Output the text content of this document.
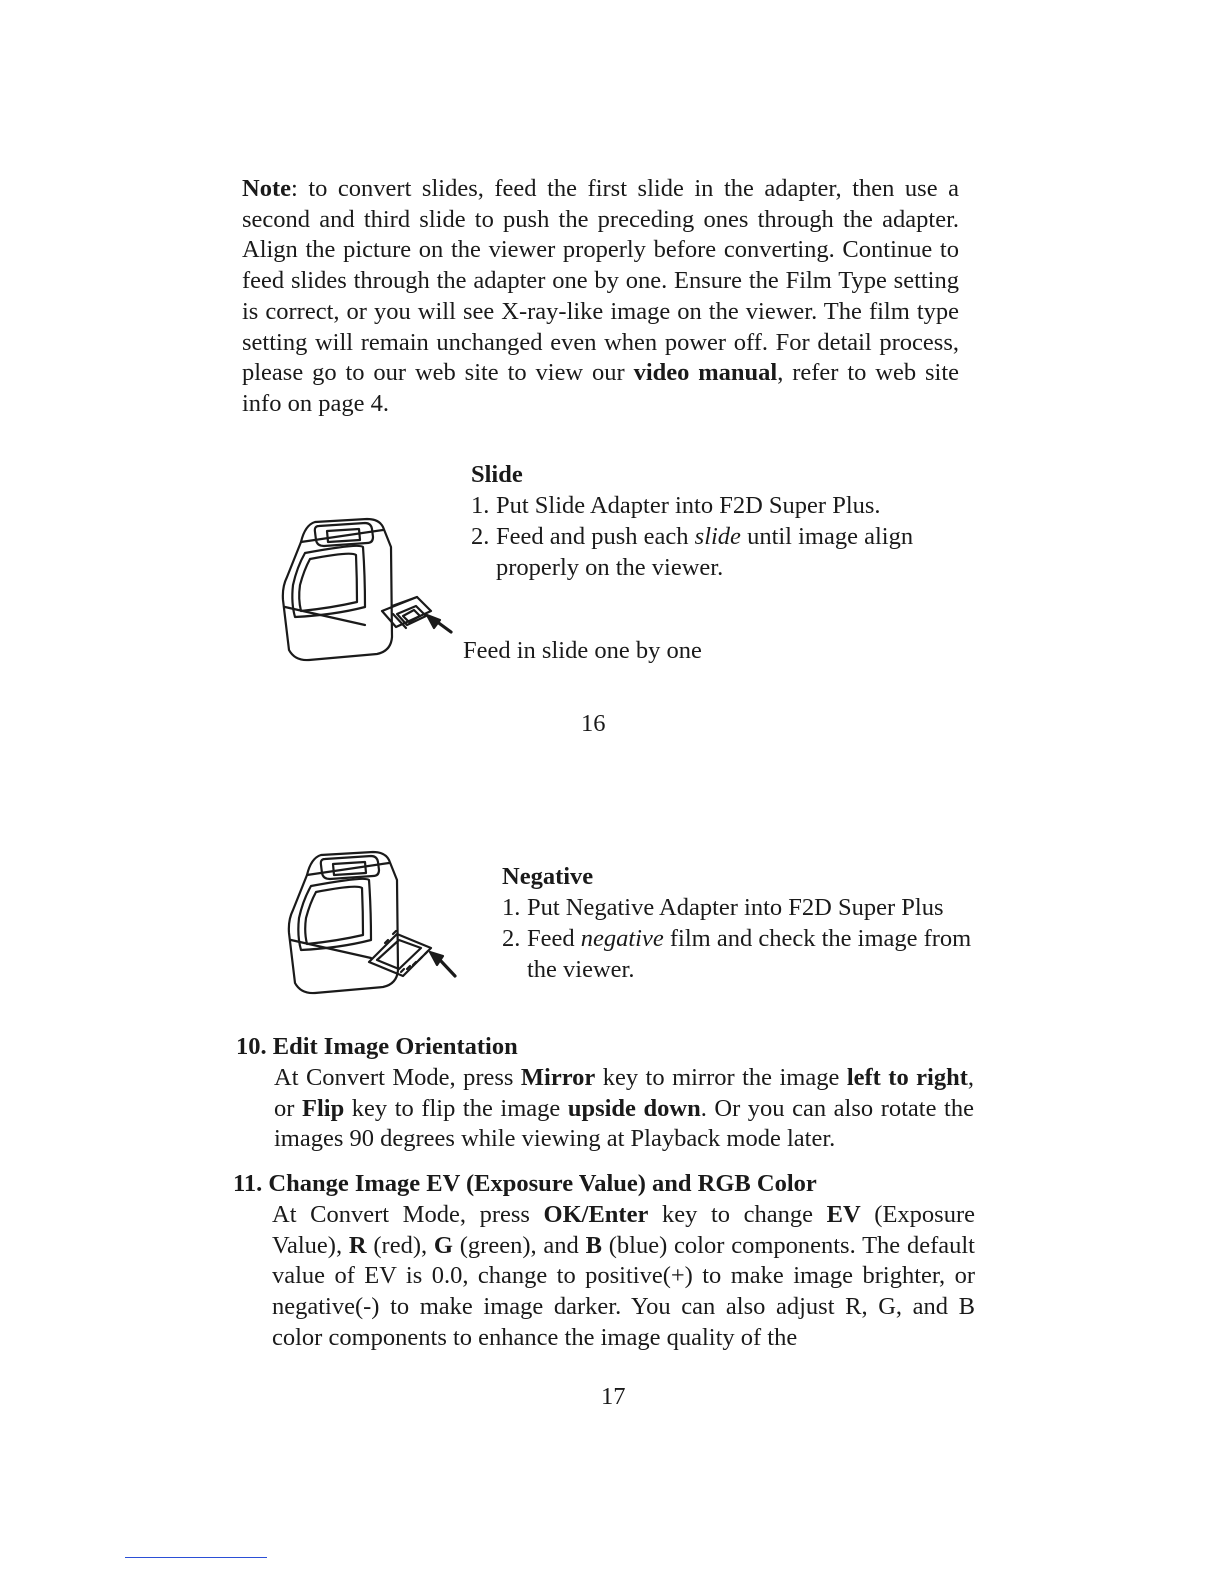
Note: to convert slides, feed the first slide in the adapter, then use a second and third slide to push the preceding ones through the adapter. Align the picture on the viewer properly before converting. Continue to feed slides through the adapter one by one. Ensure the Film Type setting is correct, or you will see X-ray-like image on the viewer. The film type setting will remain unchanged even when power off. For detail process, please go to our web site to view our video manual, refer to web site info on page 4.
Slide
1. Put Slide Adapter into F2D Super Plus.
2. Feed and push each slide until image align properly on the viewer.
Feed in slide one by one
16
Negative
1. Put Negative Adapter into F2D Super Plus
2. Feed negative film and check the image from the viewer.
10. Edit Image Orientation
At Convert Mode, press Mirror key to mirror the image left to right, or Flip key to flip the image upside down. Or you can also rotate the images 90 degrees while viewing at Playback mode later.
11. Change Image EV (Exposure Value) and RGB Color
At Convert Mode, press OK/Enter key to change EV (Exposure Value), R (red), G (green), and B (blue) color components. The default value of EV is 0.0, change to positive(+) to make image brighter, or negative(-) to make image darker. You can also adjust R, G, and B color components to enhance the image quality of the
17
